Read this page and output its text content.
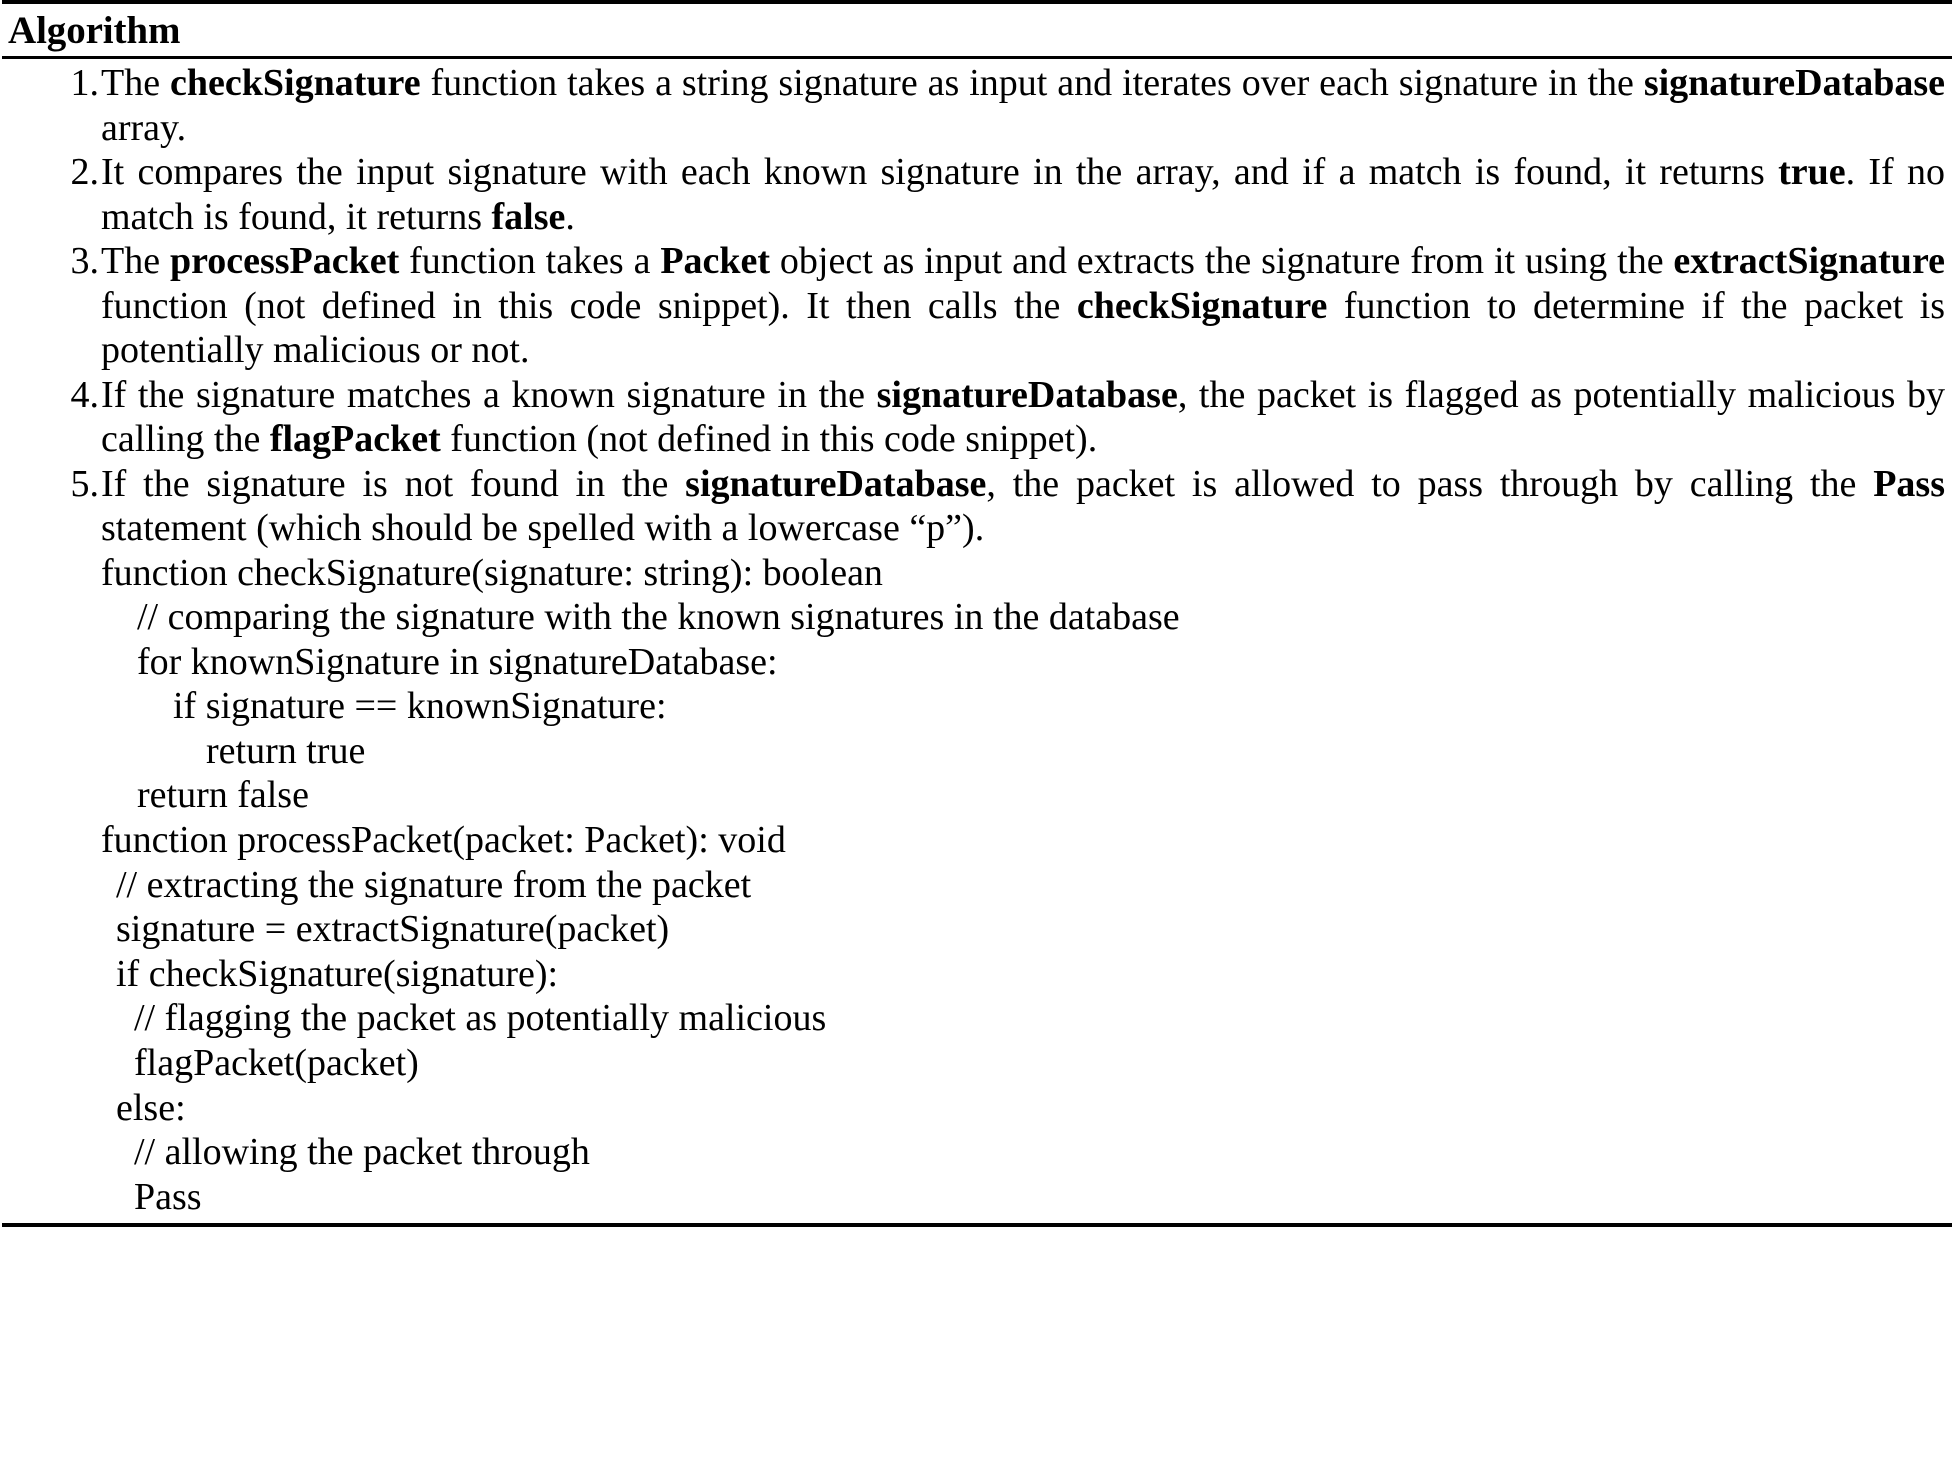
Algorithm
1. The checkSignature function takes a string signature as input and iterates over each signature in the signatureDatabase array.
2. It compares the input signature with each known signature in the array, and if a match is found, it returns true. If no match is found, it returns false.
3. The processPacket function takes a Packet object as input and extracts the signature from it using the extractSignature function (not defined in this code snippet). It then calls the checkSignature function to determine if the packet is potentially malicious or not.
4. If the signature matches a known signature in the signatureDatabase, the packet is flagged as potentially malicious by calling the flagPacket function (not defined in this code snippet).
5. If the signature is not found in the signatureDatabase, the packet is allowed to pass through by calling the Pass statement (which should be spelled with a lowercase “p”).
function checkSignature(signature: string): boolean
// comparing the signature with the known signatures in the database
for knownSignature in signatureDatabase:
if signature == knownSignature:
return true
return false
function processPacket(packet: Packet): void
// extracting the signature from the packet
signature = extractSignature(packet)
if checkSignature(signature):
// flagging the packet as potentially malicious
flagPacket(packet)
else:
// allowing the packet through
Pass
